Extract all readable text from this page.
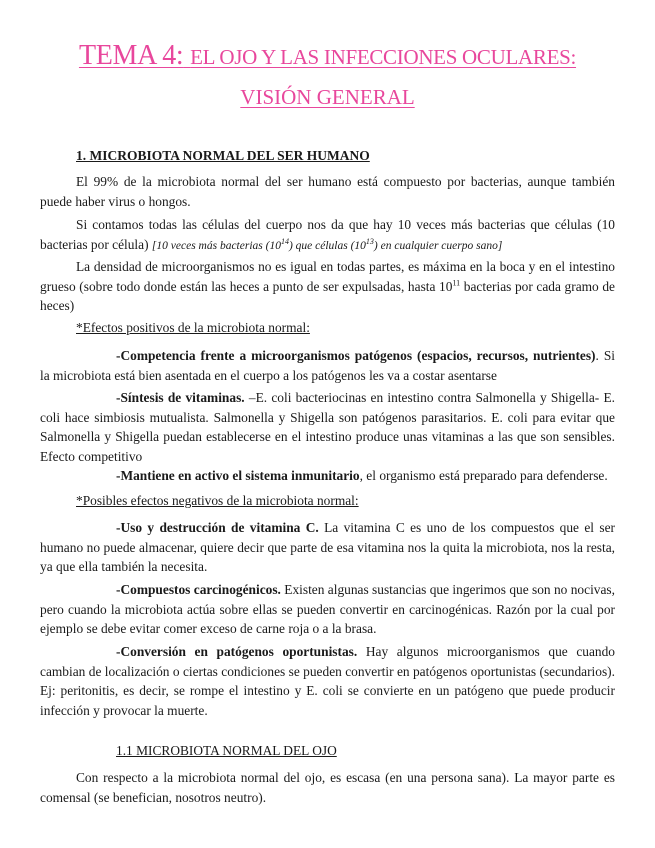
TEMA 4: EL OJO Y LAS INFECCIONES OCULARES:
VISIÓN GENERAL
1. MICROBIOTA NORMAL DEL SER HUMANO

El 99% de la microbiota normal del ser humano está compuesto por bacterias, aunque también puede haber virus o hongos.

Si contamos todas las células del cuerpo nos da que hay 10 veces más bacterias que células (10 bacterias por célula) [10 veces más bacterias $(10^{14})$ que células $(10^{13})$ en cualquier cuerpo sano]

La densidad de microorganismos no es igual en todas partes, es máxima en la boca y en el intestino grueso (sobre todo donde están las heces a punto de ser expulsadas, hasta $10^{11}$ bacterias por cada gramo de heces)

*Efectos positivos de la microbiota normal:

-Competencia frente a microorganismos patógenos (espacios, recursos, nutrientes). Si la microbiota está bien asentada en el cuerpo a los patógenos les va a costar asentarse

-Síntesis de vitaminas. –E. coli bacteriocinas en intestino contra Salmonella y Shigella- E. coli hace simbiosis mutualista. Salmonella y Shigella son patógenos parasitarios. E. coli para evitar que Salmonella y Shigella puedan establecerse en el intestino produce unas vitaminas a las que son sensibles. Efecto competitivo

-Mantiene en activo el sistema inmunitario, el organismo está preparado para defenderse.

*Posibles efectos negativos de la microbiota normal:

-Uso y destrucción de vitamina C. La vitamina C es uno de los compuestos que el ser humano no puede almacenar, quiere decir que parte de esa vitamina nos la quita la microbiota, nos la resta, ya que ella también la necesita.

-Compuestos carcinogénicos. Existen algunas sustancias que ingerimos que son no nocivas, pero cuando la microbiota actúa sobre ellas se pueden convertir en carcinogénicas. Razón por la cual por ejemplo se debe evitar comer exceso de carne roja o a la brasa.

-Conversión en patógenos oportunistas. Hay algunos microorganismos que cuando cambian de localización o ciertas condiciones se pueden convertir en patógenos oportunistas (secundarios). Ej: peritonitis, es decir, se rompe el intestino y E. coli se convierte en un patógeno que puede producir infección y provocar la muerte.

1.1 MICROBIOTA NORMAL DEL OJO

Con respecto a la microbiota normal del ojo, es escasa (en una persona sana). La mayor parte es comensal (se benefician, nosotros neutro).
